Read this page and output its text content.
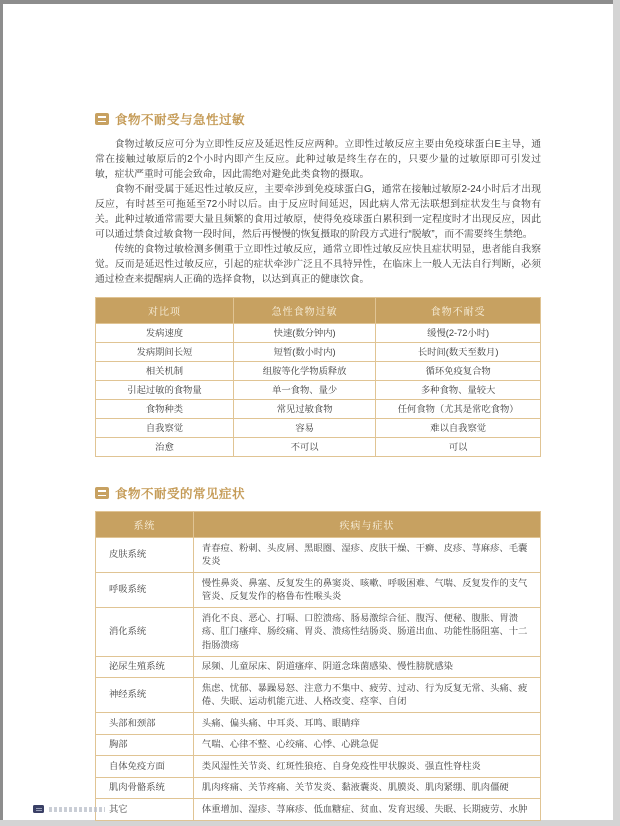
食物不耐受与急性过敏

食物过敏反应可分为立即性反应及延迟性反应两种。立即性过敏反应主要由免疫球蛋白E主导，通常在接触过敏原后的2个小时内即产生反应。此种过敏是终生存在的，只要少量的过敏原即可引发过敏，症状严重时可能会致命，因此需绝对避免此类食物的摄取。

食物不耐受属于延迟性过敏反应，主要牵涉到免疫球蛋白G，通常在接触过敏原2-24小时后才出现反应，有时甚至可拖延至72小时以后。由于反应时间延迟，因此病人常无法联想到症状发生与食物有关。此种过敏通常需要大量且频繁的食用过敏原，使得免疫球蛋白累积到一定程度时才出现反应，因此可以通过禁食过敏食物一段时间，然后再慢慢的恢复摄取的阶段方式进行“脱敏”，而不需要终生禁绝。

传统的食物过敏检测多侧重于立即性过敏反应，通常立即性过敏反应快且症状明显，患者能自我察觉。反而是延迟性过敏反应，引起的症状牵涉广泛且不具特异性，在临床上一般人无法自行判断，必须通过检查来提醒病人正确的选择食物，以达到真正的健康饮食。

对比项	急性食物过敏	食物不耐受
发病速度	快速(数分钟内)	缓慢(2-72小时)
发病期间长短	短暂(数小时内)	长时间(数天至数月)
相关机制	组胺等化学物质释放	循环免疫复合物
引起过敏的食物量	单一食物、量少	多种食物、量较大
食物种类	常见过敏食物	任何食物（尤其是常吃食物）
自我察觉	容易	难以自我察觉
治愈	不可以	可以
食物不耐受的常见症状
系统	疾病与症状
皮肤系统	青春痘、粉刺、头皮屑、黑眼圈、湿疹、皮肤干燥、干癣、皮疹、荨麻疹、毛囊发炎
呼吸系统	慢性鼻炎、鼻塞、反复发生的鼻窦炎、咳嗽、呼吸困难、气喘、反复发作的支气管炎、反复发作的格鲁布性喉头炎
消化系统	消化不良、恶心、打嗝、口腔溃疡、肠易激综合征、腹泻、便秘、腹胀、胃溃疡、肛门瘙痒、肠绞痛、胃炎、溃疡性结肠炎、肠道出血、功能性肠阻塞、十二指肠溃疡
泌尿生殖系统	尿频、儿童尿床、阴道瘙痒、阴道念珠菌感染、慢性膀胱感染
神经系统	焦虑、忧郁、暴躁易怒、注意力不集中、疲劳、过动、行为反复无常、头痛、疲倦、失眠、运动机能亢进、人格改变、痉挛、自闭
头部和颈部	头痛、偏头痛、中耳炎、耳鸣、眼睛痒
胸部	气喘、心律不整、心绞痛、心悸、心跳急促
自体免疫方面	类风湿性关节炎、红斑性狼疮、自身免疫性甲状腺炎、强直性脊柱炎
肌肉骨骼系统	肌肉疼痛、关节疼痛、关节发炎、黏液囊炎、肌膜炎、肌肉紧绷、肌肉僵硬
其它	体重增加、湿疹、荨麻疹、低血糖症、贫血、发育迟缓、失眠、长期疲劳、水肿
